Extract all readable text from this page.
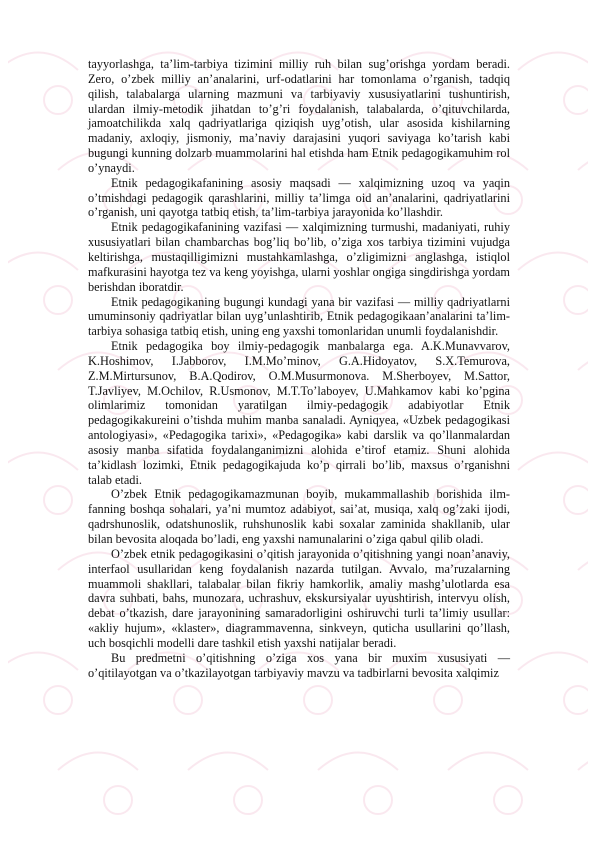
tayyorlashga, ta’lim-tarbiya tizimini milliy ruh bilan sug’orishga yordam beradi. Zero, o’zbek milliy an’analarini, urf-odatlarini har tomonlama o’rganish, tadqiq qilish, talabalarga ularning mazmuni va tarbiyaviy xususiyatlarini tushuntirish, ulardan ilmiy-metodik jihatdan to’g’ri foydalanish, talabalarda, o’qituvchilarda, jamoatchilikda xalq qadriyatlariga qiziqish uyg’otish, ular asosida kishilarning madaniy, axloqiy, jismoniy, ma’naviy darajasini yuqori saviyaga ko’tarish kabi bugungi kunning dolzarb muammolarini hal etishda ham Etnik pedagogikamuhim rol o’ynaydi.

Etnik pedagogikafanining asosiy maqsadi — xalqimizning uzoq va yaqin o’tmishdagi pedagogik qarashlarini, milliy ta’limga oid an’analarini, qadriyatlarini o’rganish, uni qayotga tatbiq etish, ta’lim-tarbiya jarayonida ko’llashdir.

Etnik pedagogikafanining vazifasi — xalqimizning turmushi, madaniyati, ruhiy xususiyatlari bilan chambarchas bog’liq bo’lib, o’ziga xos tarbiya tizimini vujudga keltirishga, mustaqilligimizni mustahkamlashga, o’zligimizni anglashga, istiqlol mafkurasini hayotga tez va keng yoyishga, ularni yoshlar ongiga singdirishga yordam berishdan iboratdir.

Etnik pedagogikaning bugungi kundagi yana bir vazifasi — milliy qadriyatlarni umuminsoniy qadriyatlar bilan uyg’unlashtirib, Etnik pedagogikaan’analarini ta’lim-tarbiya sohasiga tatbiq etish, uning eng yaxshi tomonlaridan unumli foydalanishdir.

Etnik pedagogika boy ilmiy-pedagogik manbalarga ega. A.K.Munavvarov, K.Hoshimov, I.Jabborov, I.M.Mo’minov, G.A.Hidoyatov, S.X.Temurova, Z.M.Mirtursunov, B.A.Qodirov, O.M.Musurmonova. M.Sherboyev, M.Sattor, T.Javliyev, M.Ochilov, R.Usmonov, M.T.To’laboyev, U.Mahkamov kabi ko’pgina olimlarimiz tomonidan yaratilgan ilmiy-pedagogik adabiyotlar Etnik pedagogikakureini o’tishda muhim manba sanaladi. Ayniqyea, «Uzbek pedagogikasi antologiyasi», «Pedagogika tarixi», «Pedagogika» kabi darslik va qo’llanmalardan asosiy manba sifatida foydalanganimizni alohida e’tirof etamiz. Shuni alohida ta’kidlash lozimki, Etnik pedagogikajuda ko’p qirrali bo’lib, maxsus o’rganishni talab etadi.

O’zbek Etnik pedagogikamazmunan boyib, mukammallashib borishida ilm-fanning boshqa sohalari, ya’ni mumtoz adabiyot, sai’at, musiqa, xalq og’zaki ijodi, qadrshunoslik, odatshunoslik, ruhshunoslik kabi soxalar zaminida shakllanib, ular bilan bevosita aloqada bo’ladi, eng yaxshi namunalarini o’ziga qabul qilib oladi.

O’zbek etnik pedagogikasini o’qitish jarayonida o’qitishning yangi noan’anaviy, interfaol usullaridan keng foydalanish nazarda tutilgan. Avvalo, ma’ruzalarning muammoli shakllari, talabalar bilan fikriy hamkorlik, amaliy mashg’ulotlarda esa davra suhbati, bahs, munozara, uchrashuv, ekskursiyalar uyushtirish, intervyu olish, debat o’tkazish, dare jarayonining samaradorligini oshiruvchi turli ta’limiy usullar: «akliy hujum», «klaster», diagrammavenna, sinkveyn, quticha usullarini qo’llash, uch bosqichli modelli dare tashkil etish yaxshi natijalar beradi.

Bu predmetni o’qitishning o’ziga xos yana bir muxim xususiyati — o’qitilayotgan va o’tkazilayotgan tarbiyaviy mavzu va tadbirlarni bevosita xalqimiz
